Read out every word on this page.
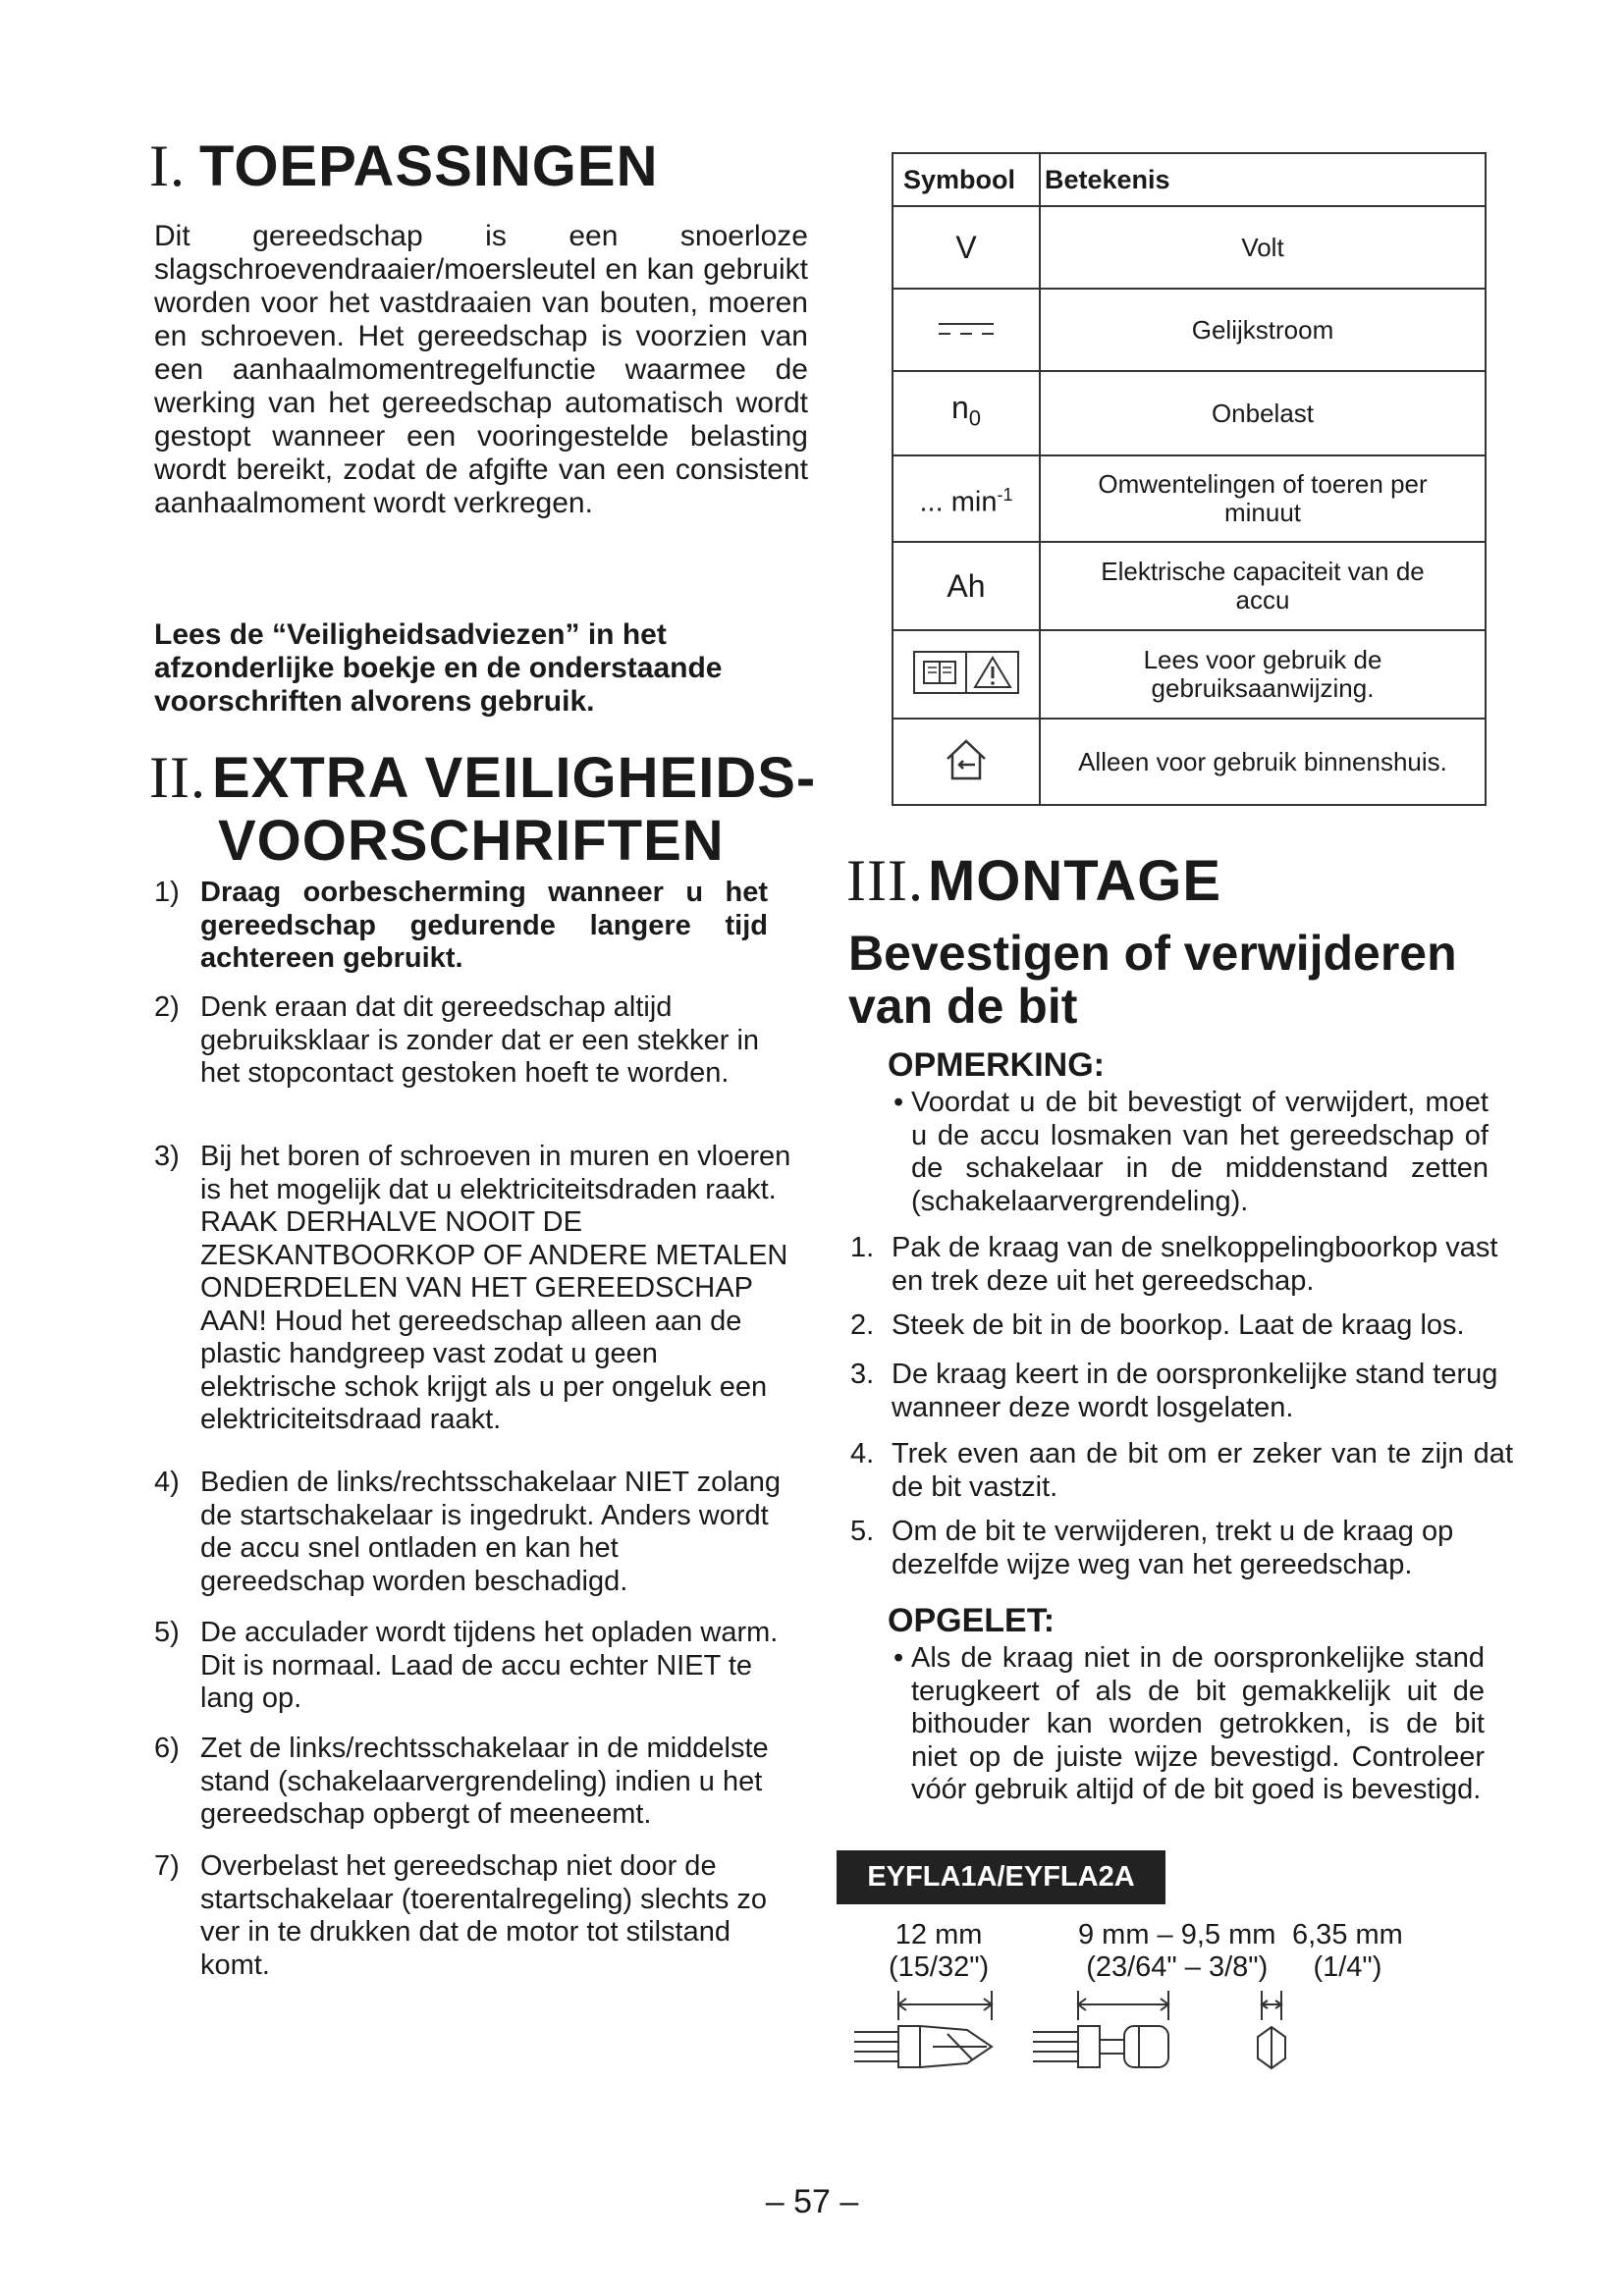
I. TOEPASSINGEN
Dit gereedschap is een snoerloze slagschroevendraaier/moersleutel en kan gebruikt worden voor het vastdraaien van bouten, moeren en schroeven. Het gereedschap is voorzien van een aanhaalmomentregelfunctie waarmee de werking van het gereedschap automatisch wordt gestopt wanneer een vooringestelde belasting wordt bereikt, zodat de afgifte van een consistent aanhaalmoment wordt verkregen.
Lees de “Veiligheidsadviezen” in het afzonderlijke boekje en de onderstaande voorschriften alvorens gebruik.
II. EXTRA VEILIGHEIDS-
VOORSCHRIFTEN
1) Draag oorbescherming wanneer u het gereedschap gedurende langere tijd achtereen gebruikt.
2) Denk eraan dat dit gereedschap altijd gebruiksklaar is zonder dat er een stekker in het stopcontact gestoken hoeft te worden.
3) Bij het boren of schroeven in muren en vloeren is het mogelijk dat u elektriciteitsdraden raakt. RAAK DERHALVE NOOIT DE ZESKANTBOORKOP OF ANDERE METALEN ONDERDELEN VAN HET GEREEDSCHAP AAN! Houd het gereedschap alleen aan de plastic handgreep vast zodat u geen elektrische schok krijgt als u per ongeluk een elektriciteitsdraad raakt.
4) Bedien de links/rechtsschakelaar NIET zolang de startschakelaar is ingedrukt. Anders wordt de accu snel ontladen en kan het gereedschap worden beschadigd.
5) De acculader wordt tijdens het opladen warm. Dit is normaal. Laad de accu echter NIET te lang op.
6) Zet de links/rechtsschakelaar in de middelste stand (schakelaarvergrendeling) indien u het gereedschap opbergt of meeneemt.
7) Overbelast het gereedschap niet door de startschakelaar (toerentalregeling) slechts zo ver in te drukken dat de motor tot stilstand komt.
Symbool	Betekenis
V	Volt
	Gelijkstroom
$n_0$	Onbelast
... $\min^{-1}$	Omwentelingen of toeren per minuut
Ah	Elektrische capaciteit van de accu
	Lees voor gebruik de gebruiksaanwijzing.
	Alleen voor gebruik binnenshuis.
III.MONTAGE
Bevestigen of verwijderen
van de bit
OPMERKING:
• Voordat u de bit bevestigt of verwijdert, moet u de accu losmaken van het gereedschap of de schakelaar in de middenstand zetten (schakelaarvergrendeling).
1. Pak de kraag van de snelkoppelingboorkop vast en trek deze uit het gereedschap.
2. Steek de bit in de boorkop. Laat de kraag los.
3. De kraag keert in de oorspronkelijke stand terug wanneer deze wordt losgelaten.
4. Trek even aan de bit om er zeker van te zijn dat de bit vastzit.
5. Om de bit te verwijderen, trekt u de kraag op dezelfde wijze weg van het gereedschap.
OPGELET:
• Als de kraag niet in de oorspronkelijke stand terugkeert of als de bit gemakkelijk uit de bithouder kan worden getrokken, is de bit niet op de juiste wijze bevestigd. Controleer vóór gebruik altijd of de bit goed is bevestigd.
EYFLA1A/EYFLA2A
12 mm
(15/32")
9 mm – 9,5 mm
(23/64" – 3/8")
6,35 mm
(1/4")
– 57 –
